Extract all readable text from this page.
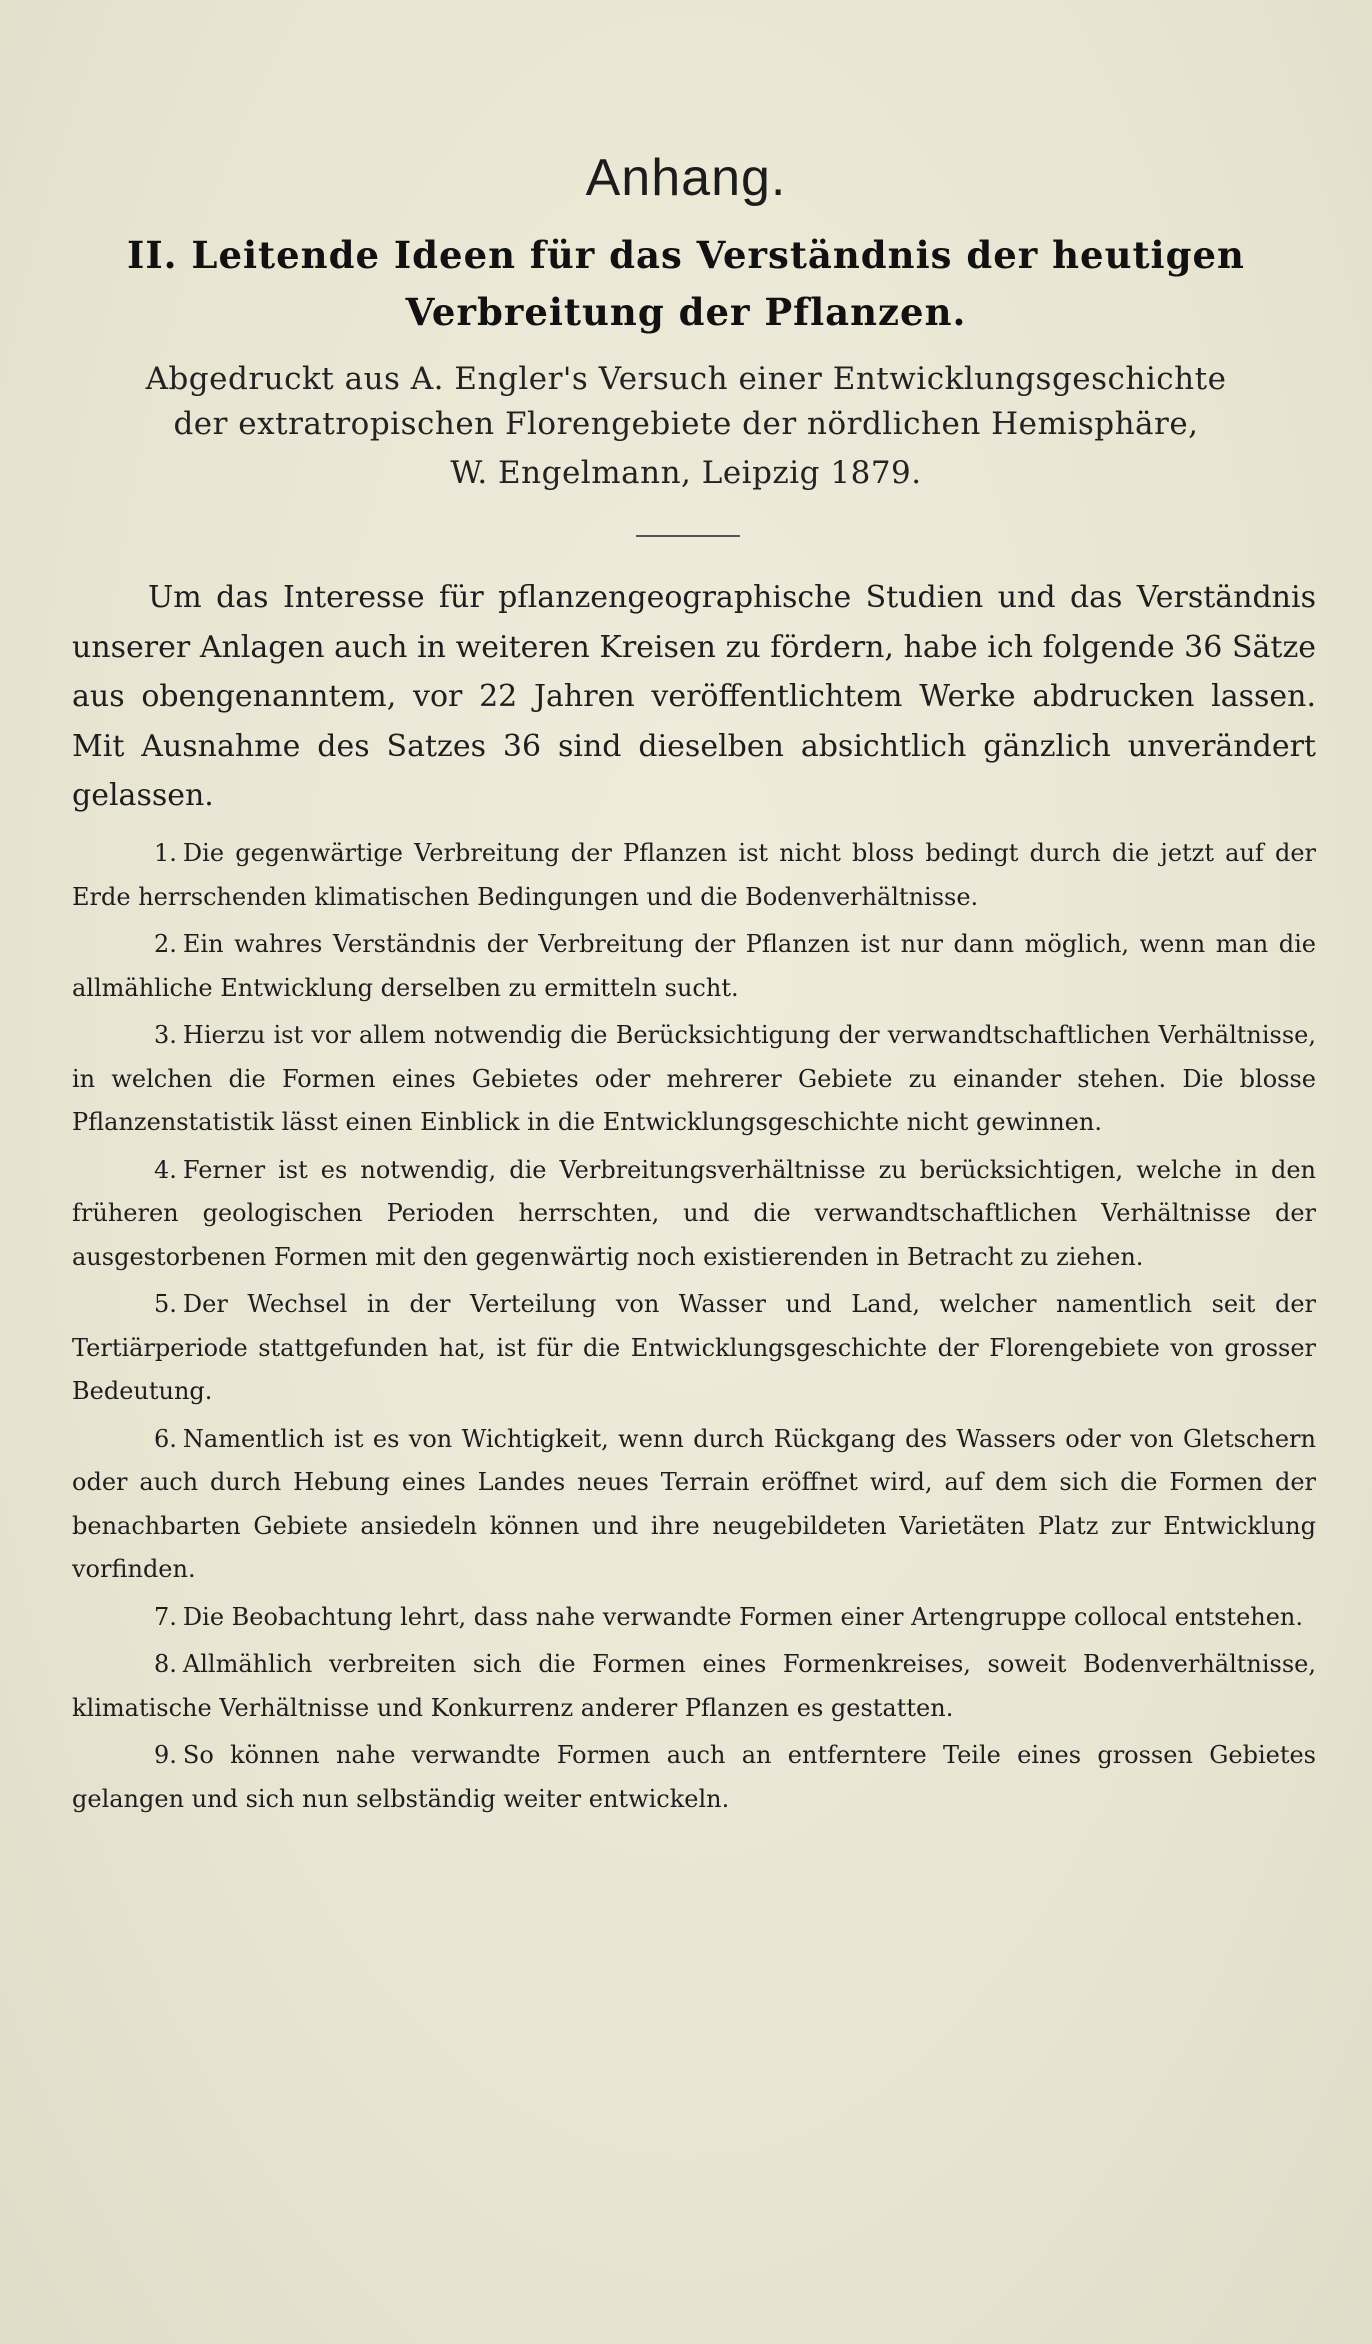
Anhang.
II. Leitende Ideen für das Verständnis der heutigen
Verbreitung der Pflanzen.
Abgedruckt aus A. Engler's Versuch einer Entwicklungsgeschichte
der extratropischen Florengebiete der nördlichen Hemisphäre,
W. Engelmann, Leipzig 1879.

Um das Interesse für pflanzengeographische Studien und das Verständnis unserer Anlagen auch in weiteren Kreisen zu fördern, habe ich folgende 36 Sätze aus obengenanntem, vor 22 Jahren veröffentlichtem Werke abdrucken lassen. Mit Ausnahme des Satzes 36 sind dieselben absichtlich gänzlich unverändert gelassen.

1. Die gegenwärtige Verbreitung der Pflanzen ist nicht bloss bedingt durch die jetzt auf der Erde herrschenden klimatischen Bedingungen und die Bodenverhältnisse.

2. Ein wahres Verständnis der Verbreitung der Pflanzen ist nur dann möglich, wenn man die allmähliche Entwicklung derselben zu ermitteln sucht.

3. Hierzu ist vor allem notwendig die Berücksichtigung der verwandtschaftlichen Verhältnisse, in welchen die Formen eines Gebietes oder mehrerer Gebiete zu einander stehen. Die blosse Pflanzenstatistik lässt einen Einblick in die Entwicklungsgeschichte nicht gewinnen.

4. Ferner ist es notwendig, die Verbreitungsverhältnisse zu berücksichtigen, welche in den früheren geologischen Perioden herrschten, und die verwandtschaftlichen Verhältnisse der ausgestorbenen Formen mit den gegenwärtig noch existierenden in Betracht zu ziehen.

5. Der Wechsel in der Verteilung von Wasser und Land, welcher namentlich seit der Tertiärperiode stattgefunden hat, ist für die Entwicklungsgeschichte der Florengebiete von grosser Bedeutung.

6. Namentlich ist es von Wichtigkeit, wenn durch Rückgang des Wassers oder von Gletschern oder auch durch Hebung eines Landes neues Terrain eröffnet wird, auf dem sich die Formen der benachbarten Gebiete ansiedeln können und ihre neugebildeten Varietäten Platz zur Entwicklung vorfinden.

7. Die Beobachtung lehrt, dass nahe verwandte Formen einer Artengruppe collocal entstehen.

8. Allmählich verbreiten sich die Formen eines Formenkreises, soweit Bodenverhältnisse, klimatische Verhältnisse und Konkurrenz anderer Pflanzen es gestatten.

9. So können nahe verwandte Formen auch an entferntere Teile eines grossen Gebietes gelangen und sich nun selbständig weiter entwickeln.
